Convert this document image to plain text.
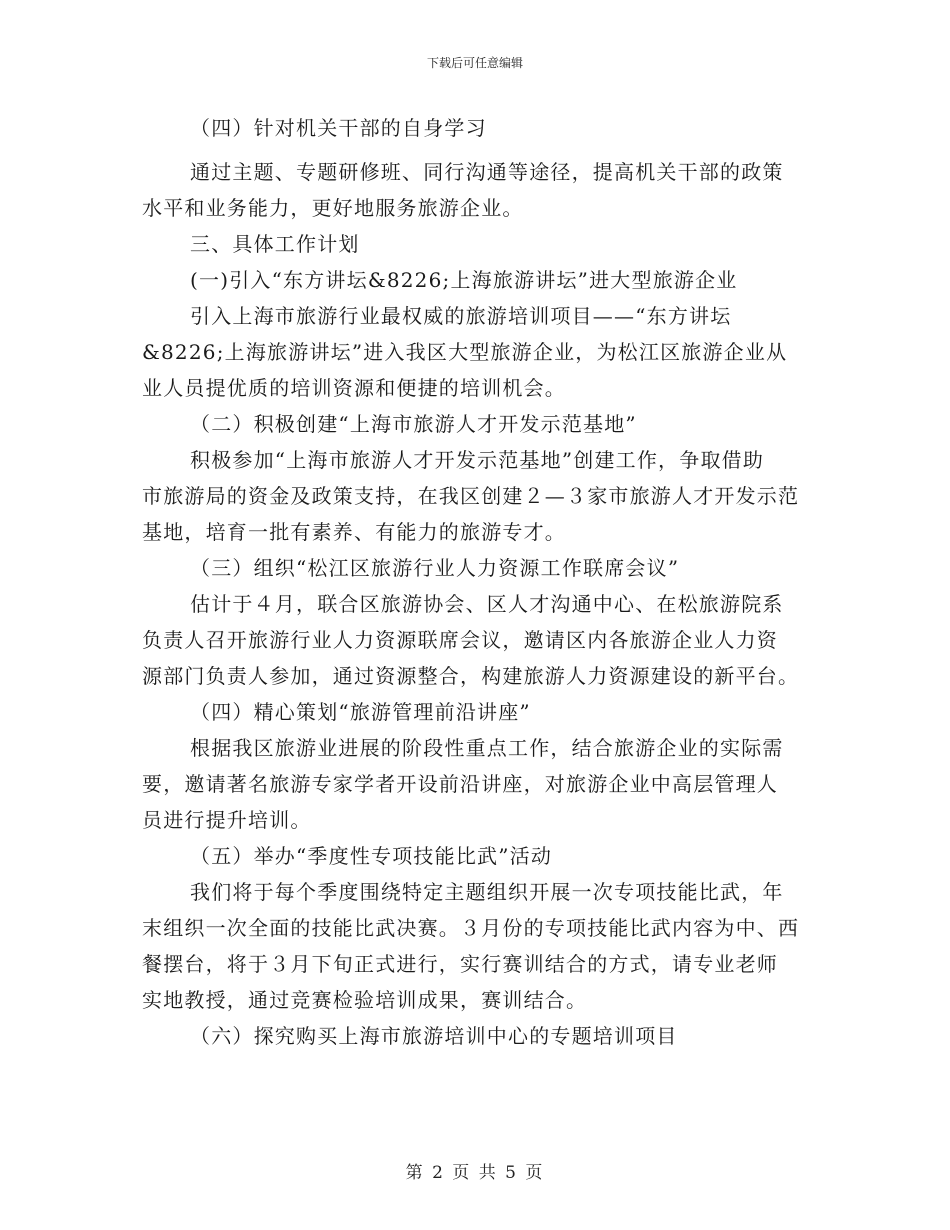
下载后可任意编辑
（四）针对机关干部的自身学习
通过主题、专题研修班、同行沟通等途径，提高机关干部的政策
水平和业务能力，更好地服务旅游企业。
三、具体工作计划
(一)引入“东方讲坛&8226;上海旅游讲坛”进大型旅游企业
引入上海市旅游行业最权威的旅游培训项目——“东方讲坛
&8226;上海旅游讲坛”进入我区大型旅游企业，为松江区旅游企业从
业人员提优质的培训资源和便捷的培训机会。
（二）积极创建“上海市旅游人才开发示范基地”
积极参加“上海市旅游人才开发示范基地”创建工作，争取借助
市旅游局的资金及政策支持，在我区创建２—３家市旅游人才开发示范
基地，培育一批有素养、有能力的旅游专才。
（三）组织“松江区旅游行业人力资源工作联席会议”
估计于４月，联合区旅游协会、区人才沟通中心、在松旅游院系
负责人召开旅游行业人力资源联席会议，邀请区内各旅游企业人力资
源部门负责人参加，通过资源整合，构建旅游人力资源建设的新平台。
（四）精心策划“旅游管理前沿讲座”
根据我区旅游业进展的阶段性重点工作，结合旅游企业的实际需
要，邀请著名旅游专家学者开设前沿讲座，对旅游企业中高层管理人
员进行提升培训。
（五）举办“季度性专项技能比武”活动
我们将于每个季度围绕特定主题组织开展一次专项技能比武，年
末组织一次全面的技能比武决赛。３月份的专项技能比武内容为中、西
餐摆台，将于３月下旬正式进行，实行赛训结合的方式，请专业老师
实地教授，通过竞赛检验培训成果，赛训结合。
（六）探究购买上海市旅游培训中心的专题培训项目
第 2 页 共 5 页
